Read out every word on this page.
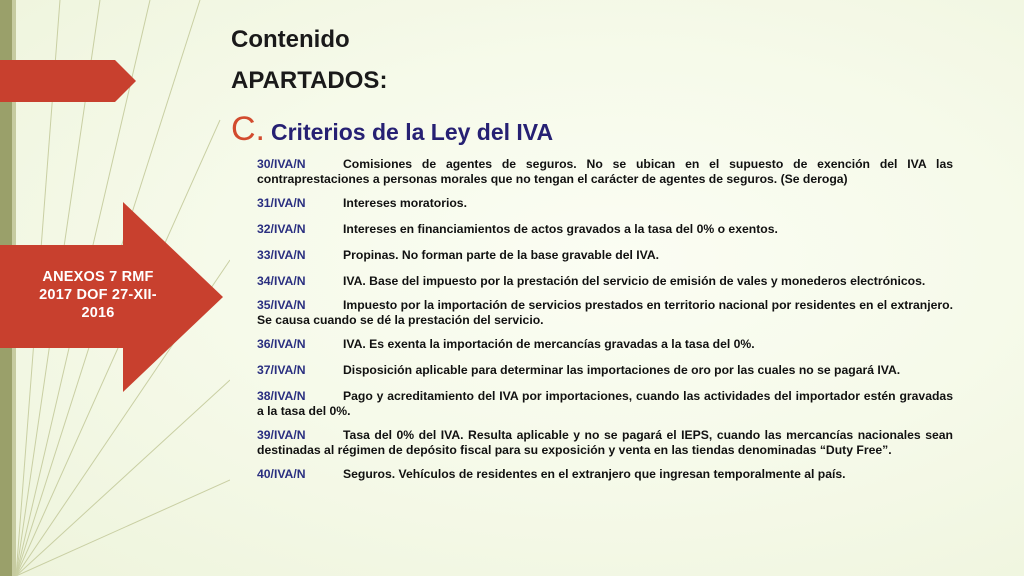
ANEXOS 7 RMF 2017 DOF 27-XII-2016
Contenido
APARTADOS:
C. Criterios de la Ley del IVA
30/IVA/N	Comisiones de agentes de seguros. No se ubican en el supuesto de exención del IVA las contraprestaciones a personas morales que no tengan el carácter de agentes de seguros. (Se deroga)
31/IVA/N	Intereses moratorios.
32/IVA/N	Intereses en financiamientos de actos gravados a la tasa del 0% o exentos.
33/IVA/N	Propinas. No forman parte de la base gravable del IVA.
34/IVA/N	IVA. Base del impuesto por la prestación del servicio de emisión de vales y monederos electrónicos.
35/IVA/N	Impuesto por la importación de servicios prestados en territorio nacional por residentes en el extranjero. Se causa cuando se dé la prestación del servicio.
36/IVA/N	IVA. Es exenta la importación de mercancías gravadas a la tasa del 0%.
37/IVA/N	Disposición aplicable para determinar las importaciones de oro por las cuales no se pagará IVA.
38/IVA/N	Pago y acreditamiento del IVA por importaciones, cuando las actividades del importador estén gravadas a la tasa del 0%.
39/IVA/N	Tasa del 0% del IVA. Resulta aplicable y no se pagará el IEPS, cuando las mercancías nacionales sean destinadas al régimen de depósito fiscal para su exposición y venta en las tiendas denominadas “Duty Free”.
40/IVA/N	Seguros. Vehículos de residentes en el extranjero que ingresan temporalmente al país.
